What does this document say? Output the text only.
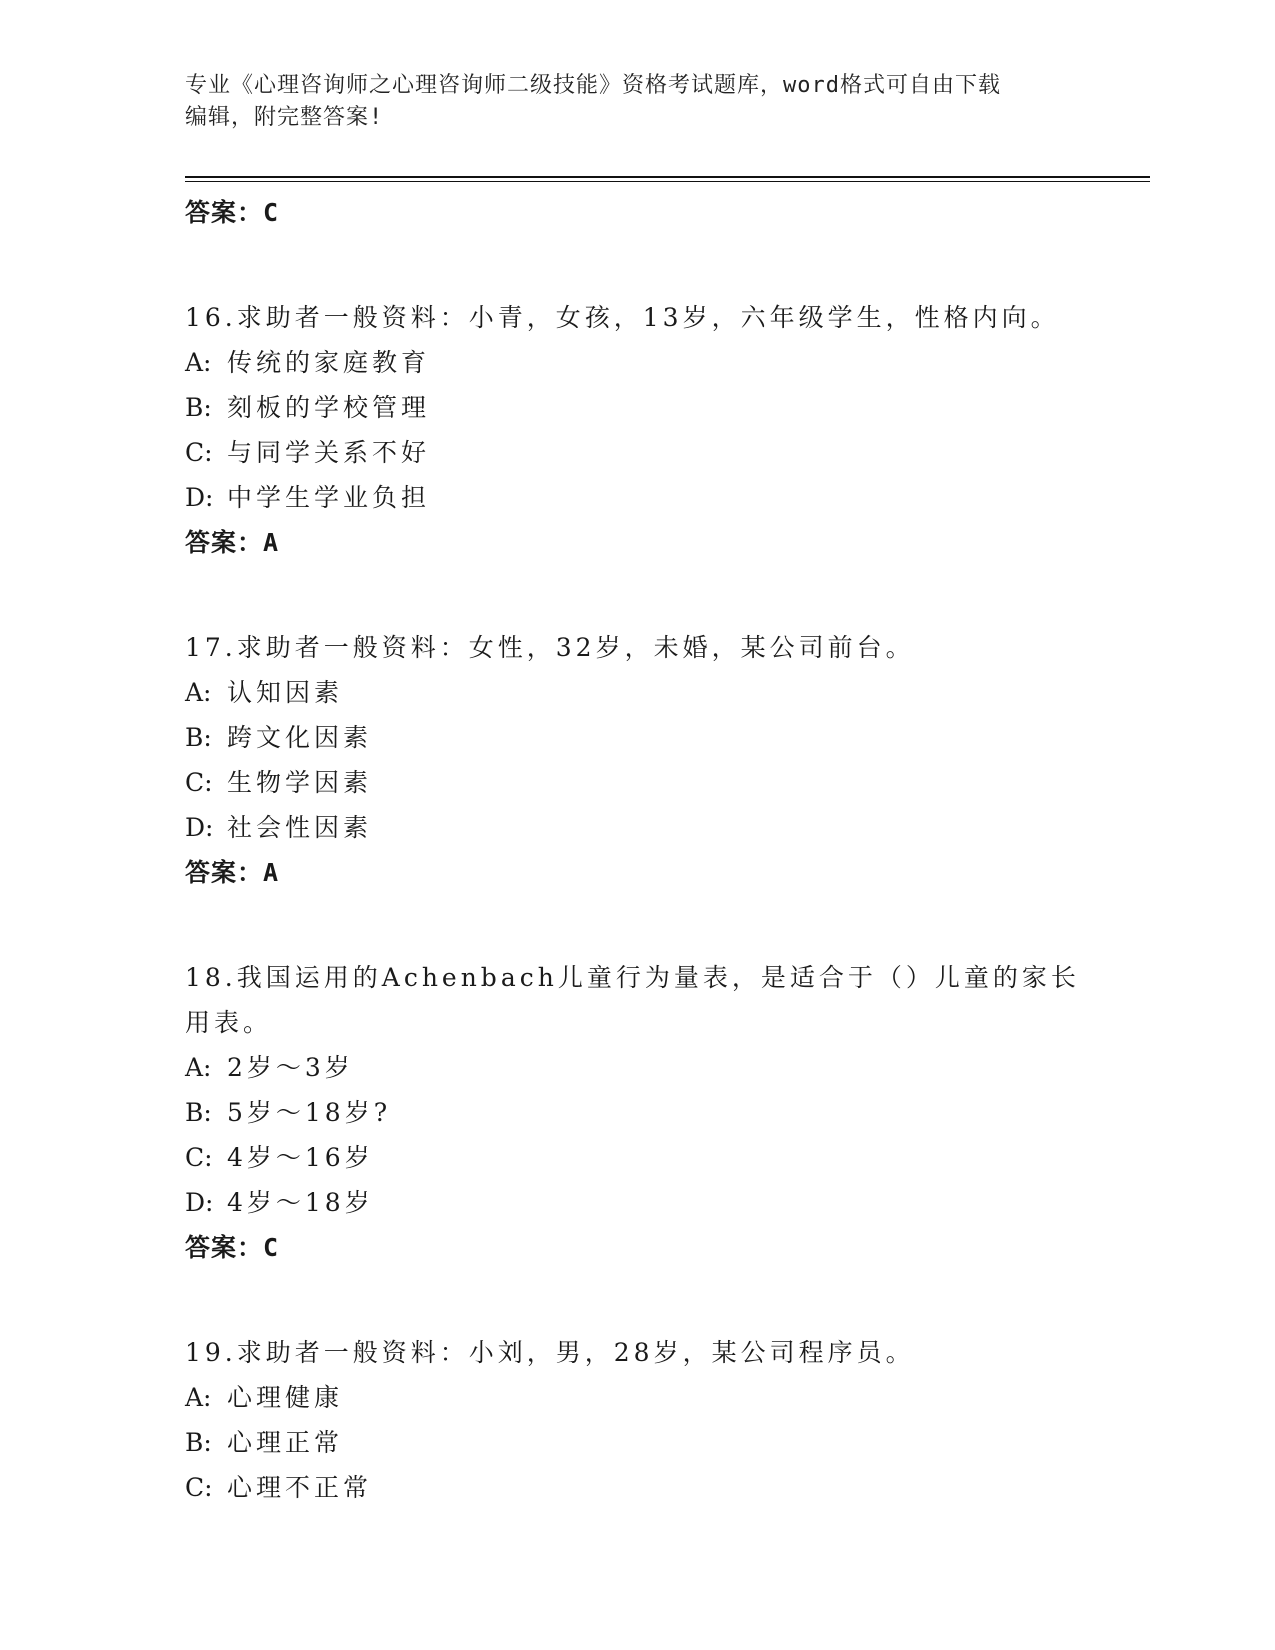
专业《心理咨询师之心理咨询师二级技能》资格考试题库，word格式可自由下载
编辑，附完整答案!
答案：C
16.求助者一般资料：小青，女孩，13岁，六年级学生，性格内向。
A: 传统的家庭教育
B: 刻板的学校管理
C: 与同学关系不好
D: 中学生学业负担
答案：A
17.求助者一般资料：女性，32岁，未婚，某公司前台。
A: 认知因素
B: 跨文化因素
C: 生物学因素
D: 社会性因素
答案：A
18.我国运用的Achenbach儿童行为量表，是适合于（）儿童的家长用表。
A: 2岁～3岁
B: 5岁～18岁?
C: 4岁～16岁
D: 4岁～18岁
答案：C
19.求助者一般资料：小刘，男，28岁，某公司程序员。
A: 心理健康
B: 心理正常
C: 心理不正常
